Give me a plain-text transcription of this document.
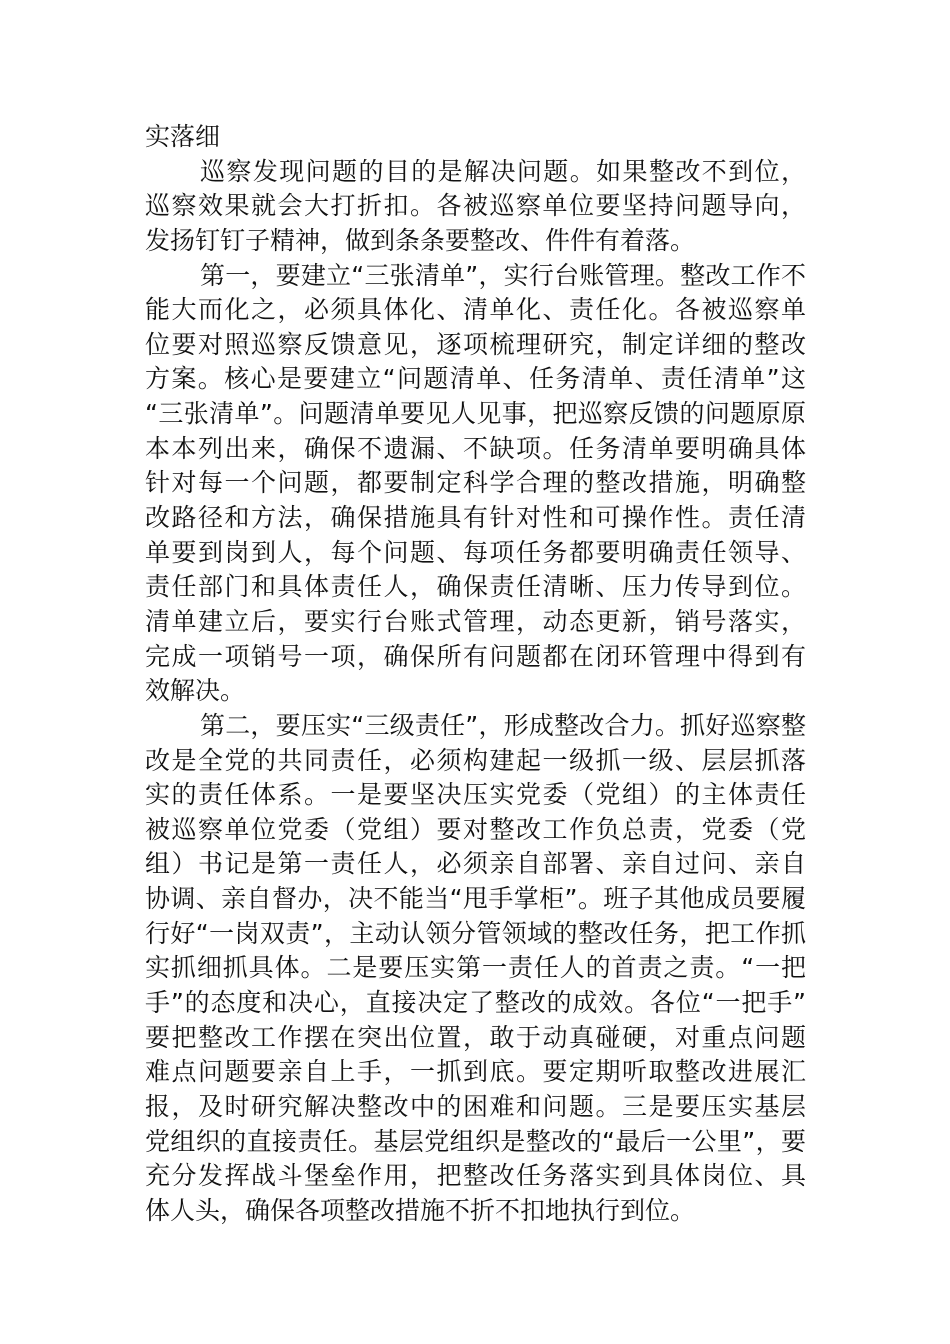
实落细
巡察发现问题的目的是解决问题。如果整改不到位，
巡察效果就会大打折扣。各被巡察单位要坚持问题导向，
发扬钉钉子精神，做到条条要整改、件件有着落。
第一，要建立“三张清单”，实行台账管理。整改工作不
能大而化之，必须具体化、清单化、责任化。各被巡察单
位要对照巡察反馈意见，逐项梳理研究，制定详细的整改
方案。核心是要建立“问题清单、任务清单、责任清单”这
“三张清单”。问题清单要见人见事，把巡察反馈的问题原原
本本列出来，确保不遗漏、不缺项。任务清单要明确具体
针对每一个问题，都要制定科学合理的整改措施，明确整
改路径和方法，确保措施具有针对性和可操作性。责任清
单要到岗到人，每个问题、每项任务都要明确责任领导、
责任部门和具体责任人，确保责任清晰、压力传导到位。
清单建立后，要实行台账式管理，动态更新，销号落实，
完成一项销号一项，确保所有问题都在闭环管理中得到有
效解决。
第二，要压实“三级责任”，形成整改合力。抓好巡察整
改是全党的共同责任，必须构建起一级抓一级、层层抓落
实的责任体系。一是要坚决压实党委（党组）的主体责任
被巡察单位党委（党组）要对整改工作负总责，党委（党
组）书记是第一责任人，必须亲自部署、亲自过问、亲自
协调、亲自督办，决不能当“甩手掌柜”。班子其他成员要履
行好“一岗双责”，主动认领分管领域的整改任务，把工作抓
实抓细抓具体。二是要压实第一责任人的首责之责。“一把
手”的态度和决心，直接决定了整改的成效。各位“一把手”
要把整改工作摆在突出位置，敢于动真碰硬，对重点问题
难点问题要亲自上手，一抓到底。要定期听取整改进展汇
报，及时研究解决整改中的困难和问题。三是要压实基层
党组织的直接责任。基层党组织是整改的“最后一公里”，要
充分发挥战斗堡垒作用，把整改任务落实到具体岗位、具
体人头，确保各项整改措施不折不扣地执行到位。
